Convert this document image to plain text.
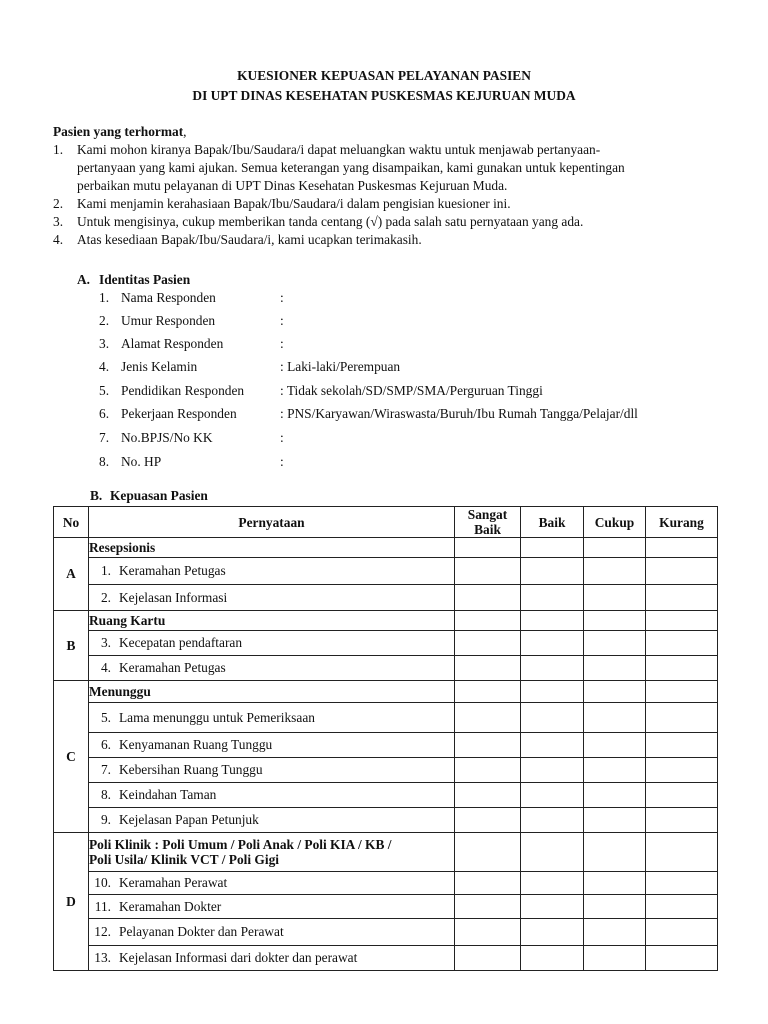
KUESIONER KEPUASAN PELAYANAN PASIEN
DI UPT DINAS KESEHATAN PUSKESMAS KEJURUAN MUDA
Pasien yang terhormat,
1. Kami mohon kiranya Bapak/Ibu/Saudara/i dapat meluangkan waktu untuk menjawab pertanyaan-
pertanyaan yang kami ajukan. Semua keterangan yang disampaikan, kami gunakan untuk kepentingan
perbaikan mutu pelayanan di UPT Dinas Kesehatan Puskesmas Kejuruan Muda.
2. Kami menjamin kerahasiaan Bapak/Ibu/Saudara/i dalam pengisian kuesioner ini.
3. Untuk mengisinya, cukup memberikan tanda centang (√) pada salah satu pernyataan yang ada.
4. Atas kesediaan Bapak/Ibu/Saudara/i, kami ucapkan terimakasih.
A. Identitas Pasien
1. Nama Responden	:
2. Umur Responden	:
3. Alamat Responden	:
4. Jenis Kelamin	: Laki-laki/Perempuan
5. Pendidikan Responden	: Tidak sekolah/SD/SMP/SMA/Perguruan Tinggi
6. Pekerjaan Responden	: PNS/Karyawan/Wiraswasta/Buruh/Ibu Rumah Tangga/Pelajar/dll
7. No.BPJS/No KK	:
8. No. HP	:
B. Kepuasan Pasien
No	Pernyataan	Sangat
Baik	Baik	Cukup	Kurang
A	Resepsionis				
	1. Keramahan Petugas				
	2. Kejelasan Informasi				
B	Ruang Kartu				
	3. Kecepatan pendaftaran				
	4. Keramahan Petugas				
C	Menunggu				
	5. Lama menunggu untuk Pemeriksaan				
	6. Kenyamanan Ruang Tunggu				
	7. Kebersihan Ruang Tunggu				
	8. Keindahan Taman				
	9. Kejelasan Papan Petunjuk				
D	Poli Klinik : Poli Umum / Poli Anak / Poli KIA / KB /
Poli Usila/ Klinik VCT / Poli Gigi				
	10. Keramahan Perawat				
	11. Keramahan Dokter				
	12. Pelayanan Dokter dan Perawat				
	13. Kejelasan Informasi dari dokter dan perawat				
